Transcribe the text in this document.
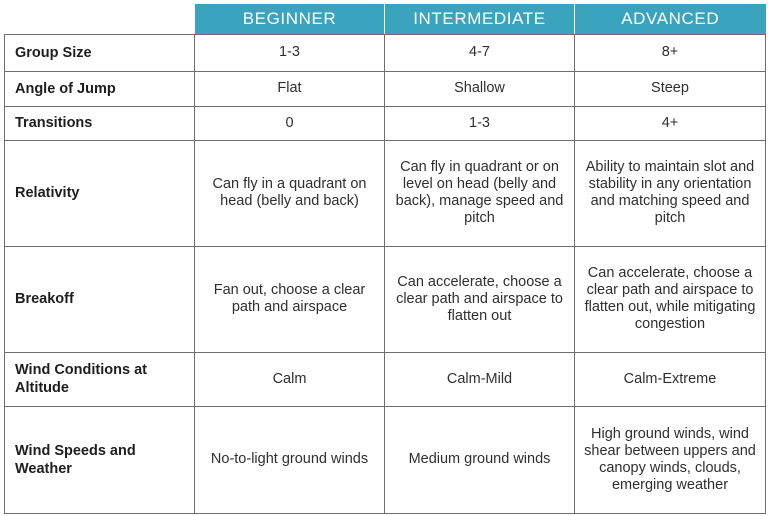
	BEGINNER	INTERMEDIATE	ADVANCED
Group Size	1-3	4-7	8+
Angle of Jump	Flat	Shallow	Steep
Transitions	0	1-3	4+
Relativity	Can fly in a quadrant on head (belly and back)	Can fly in quadrant or on level on head (belly and back), manage speed and pitch	Ability to maintain slot and stability in any orientation and matching speed and pitch
Breakoff	Fan out, choose a clear path and airspace	Can accelerate, choose a clear path and airspace to flatten out	Can accelerate, choose a clear path and airspace to flatten out, while mitigating congestion
Wind Conditions at Altitude	Calm	Calm-Mild	Calm-Extreme
Wind Speeds and Weather	No-to-light ground winds	Medium ground winds	High ground winds, wind shear between uppers and canopy winds, clouds, emerging weather
